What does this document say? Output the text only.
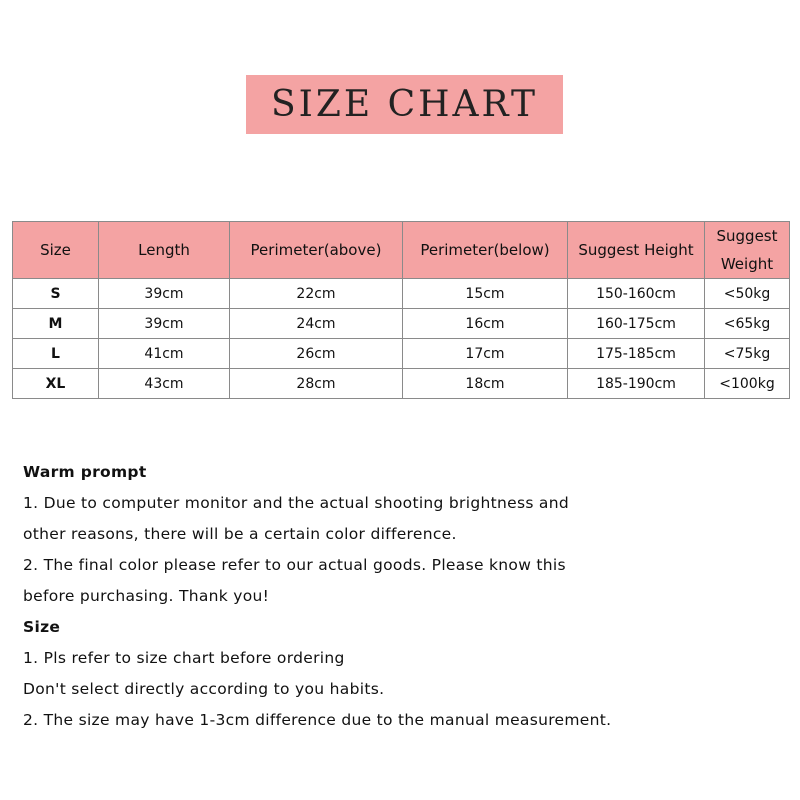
SIZE CHART
Size	Length	Perimeter(above)	Perimeter(below)	Suggest Height	Suggest Weight
S	39cm	22cm	15cm	150-160cm	<50kg
M	39cm	24cm	16cm	160-175cm	<65kg
L	41cm	26cm	17cm	175-185cm	<75kg
XL	43cm	28cm	18cm	185-190cm	<100kg
Warm prompt
1. Due to computer monitor and the actual shooting brightness and
other reasons, there will be a certain color difference.
2. The final color please refer to our actual goods. Please know this
before purchasing. Thank you!
Size
1. Pls refer to size chart before ordering
Don't select directly according to you habits.
2. The size may have 1-3cm difference due to the manual measurement.
